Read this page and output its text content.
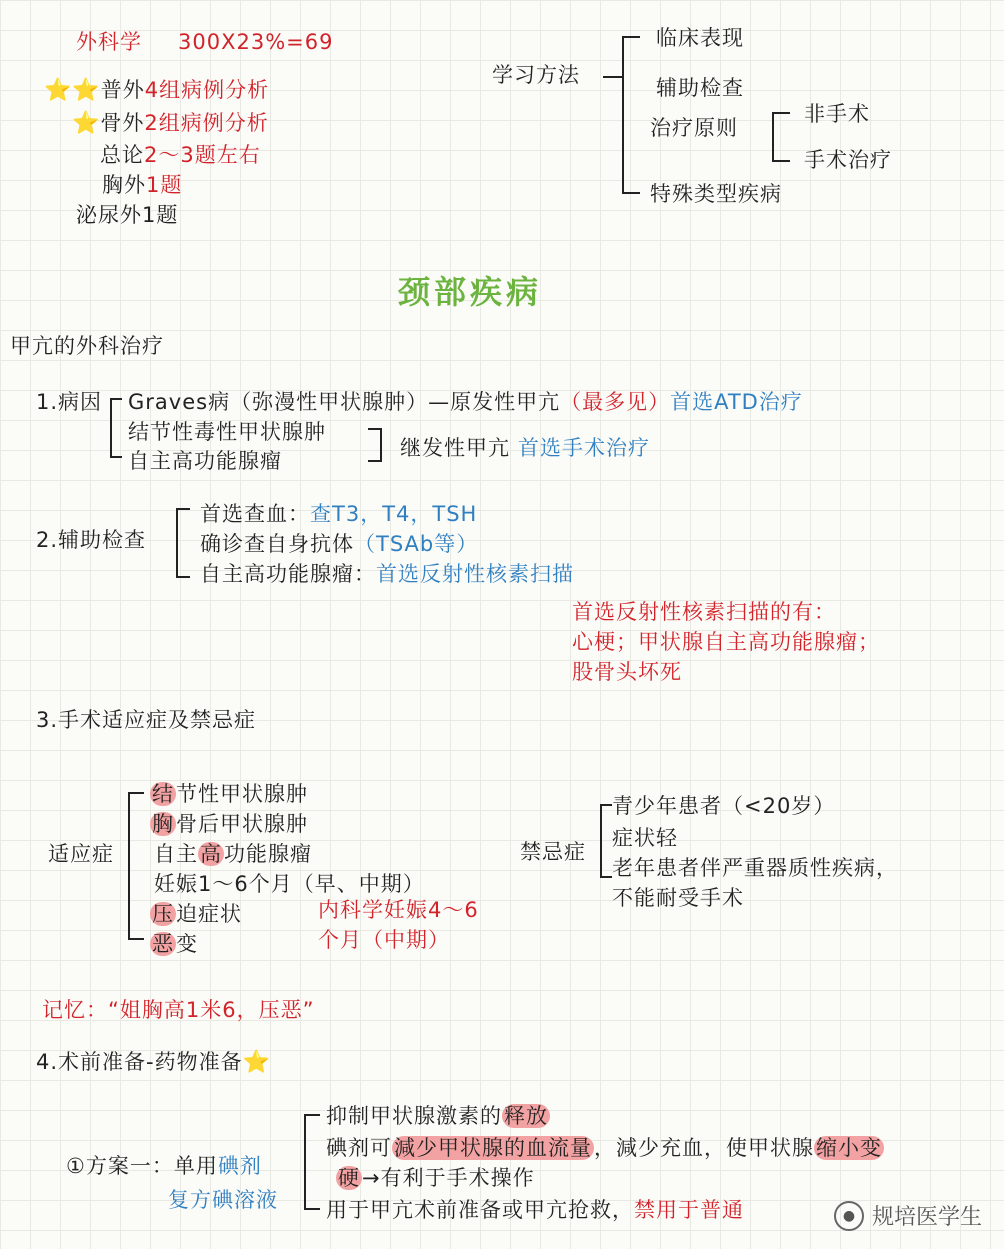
外科学 300X23%=69
⭐⭐普外4组病例分析
⭐骨外2组病例分析
总论2～3题左右
胸外1题
泌尿外1题
学习方法
临床表现
辅助检查
治疗原则
特殊类型疾病
非手术
手术治疗
颈部疾病
甲亢的外科治疗
1.病因 Graves病（弥漫性甲状腺肿）—原发性甲亢（最多见）首选ATD治疗
结节性毒性甲状腺肿
自主高功能腺瘤
继发性甲亢 首选手术治疗
2.辅助检查
首选查血：查T3，T4，TSH
确诊查自身抗体（TSAb等）
自主高功能腺瘤：首选反射性核素扫描
首选反射性核素扫描的有：
心梗；甲状腺自主高功能腺瘤；
股骨头坏死
3.手术适应症及禁忌症
适应症
结节性甲状腺肿
胸骨后甲状腺肿
自主高功能腺瘤
妊娠1～6个月（早、中期）
压迫症状
恶变
内科学妊娠4～6
个月（中期）
禁忌症
青少年患者（<20岁）
症状轻
老年患者伴严重器质性疾病，
不能耐受手术
记忆：“姐胸高1米6，压恶”
4.术前准备-药物准备⭐
①方案一：单用碘剂
复方碘溶液
抑制甲状腺激素的释放
碘剂可減少甲状腺的血流量，減少充血，使甲状腺缩小变
硬→有利于手术操作
用于甲亢术前准备或甲亢抢救，禁用于普通	● 规培医学生
